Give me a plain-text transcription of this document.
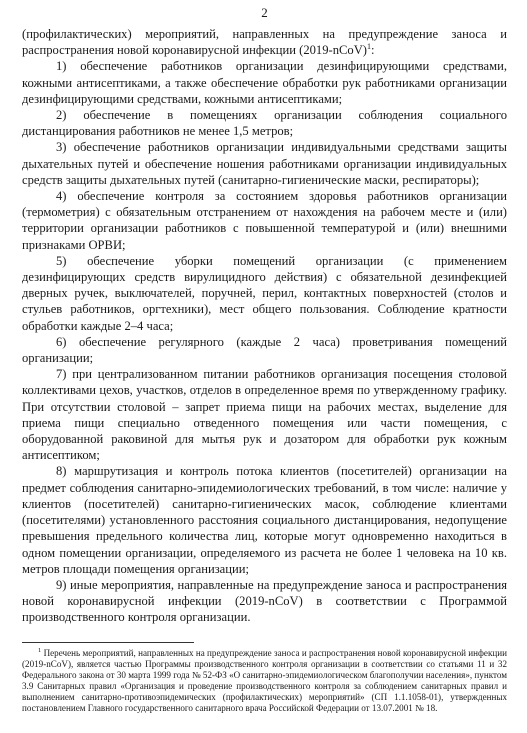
2

(профилактических) мероприятий, направленных на предупреждение заноса и распространения новой коронавирусной инфекции (2019-nCoV)$^1$:

1) обеспечение работников организации дезинфицирующими средствами, кожными антисептиками, а также обеспечение обработки рук работниками организации дезинфицирующими средствами, кожными антисептиками;

2) обеспечение в помещениях организации соблюдения социального дистанцирования работников не менее 1,5 метров;

3) обеспечение работников организации индивидуальными средствами защиты дыхательных путей и обеспечение ношения работниками организации индивидуальных средств защиты дыхательных путей (санитарно-гигиенические маски, респираторы);

4) обеспечение контроля за состоянием здоровья работников организации (термометрия) с обязательным отстранением от нахождения на рабочем месте и (или) территории организации работников с повышенной температурой и (или) внешними признаками ОРВИ;

5) обеспечение уборки помещений организации (с применением дезинфицирующих средств вирулицидного действия) с обязательной дезинфекцией дверных ручек, выключателей, поручней, перил, контактных поверхностей (столов и стульев работников, оргтехники), мест общего пользования. Соблюдение кратности обработки каждые 2–4 часа;

6) обеспечение регулярного (каждые 2 часа) проветривания помещений организации;

7) при централизованном питании работников организация посещения столовой коллективами цехов, участков, отделов в определенное время по утвержденному графику. При отсутствии столовой – запрет приема пищи на рабочих местах, выделение для приема пищи специально отведенного помещения или части помещения, с оборудованной раковиной для мытья рук и дозатором для обработки рук кожным антисептиком;

8) маршрутизация и контроль потока клиентов (посетителей) организации на предмет соблюдения санитарно-эпидемиологических требований, в том числе: наличие у клиентов (посетителей) санитарно-гигиенических масок, соблюдение клиентами (посетителями) установленного расстояния социального дистанцирования, недопущение превышения предельного количества лиц, которые могут одновременно находиться в одном помещении организации, определяемого из расчета не более 1 человека на 10 кв. метров площади помещения организации;

9) иные мероприятия, направленные на предупреждение заноса и распространения новой коронавирусной инфекции (2019-nCoV) в соответствии с Программой производственного контроля организации.

$^1$ Перечень мероприятий, направленных на предупреждение заноса и распространения новой коронавирусной инфекции (2019-nCoV), является частью Программы производственного контроля организации в соответствии со статьями 11 и 32 Федерального закона от 30 марта 1999 года № 52-ФЗ «О санитарно-эпидемиологическом благополучии населения», пунктом 3.9 Санитарных правил «Организация и проведение производственного контроля за соблюдением санитарных правил и выполнением санитарно-противоэпидемических (профилактических) мероприятий» (СП 1.1.1058-01), утвержденных постановлением Главного государственного санитарного врача Российской Федерации от 13.07.2001 № 18.
